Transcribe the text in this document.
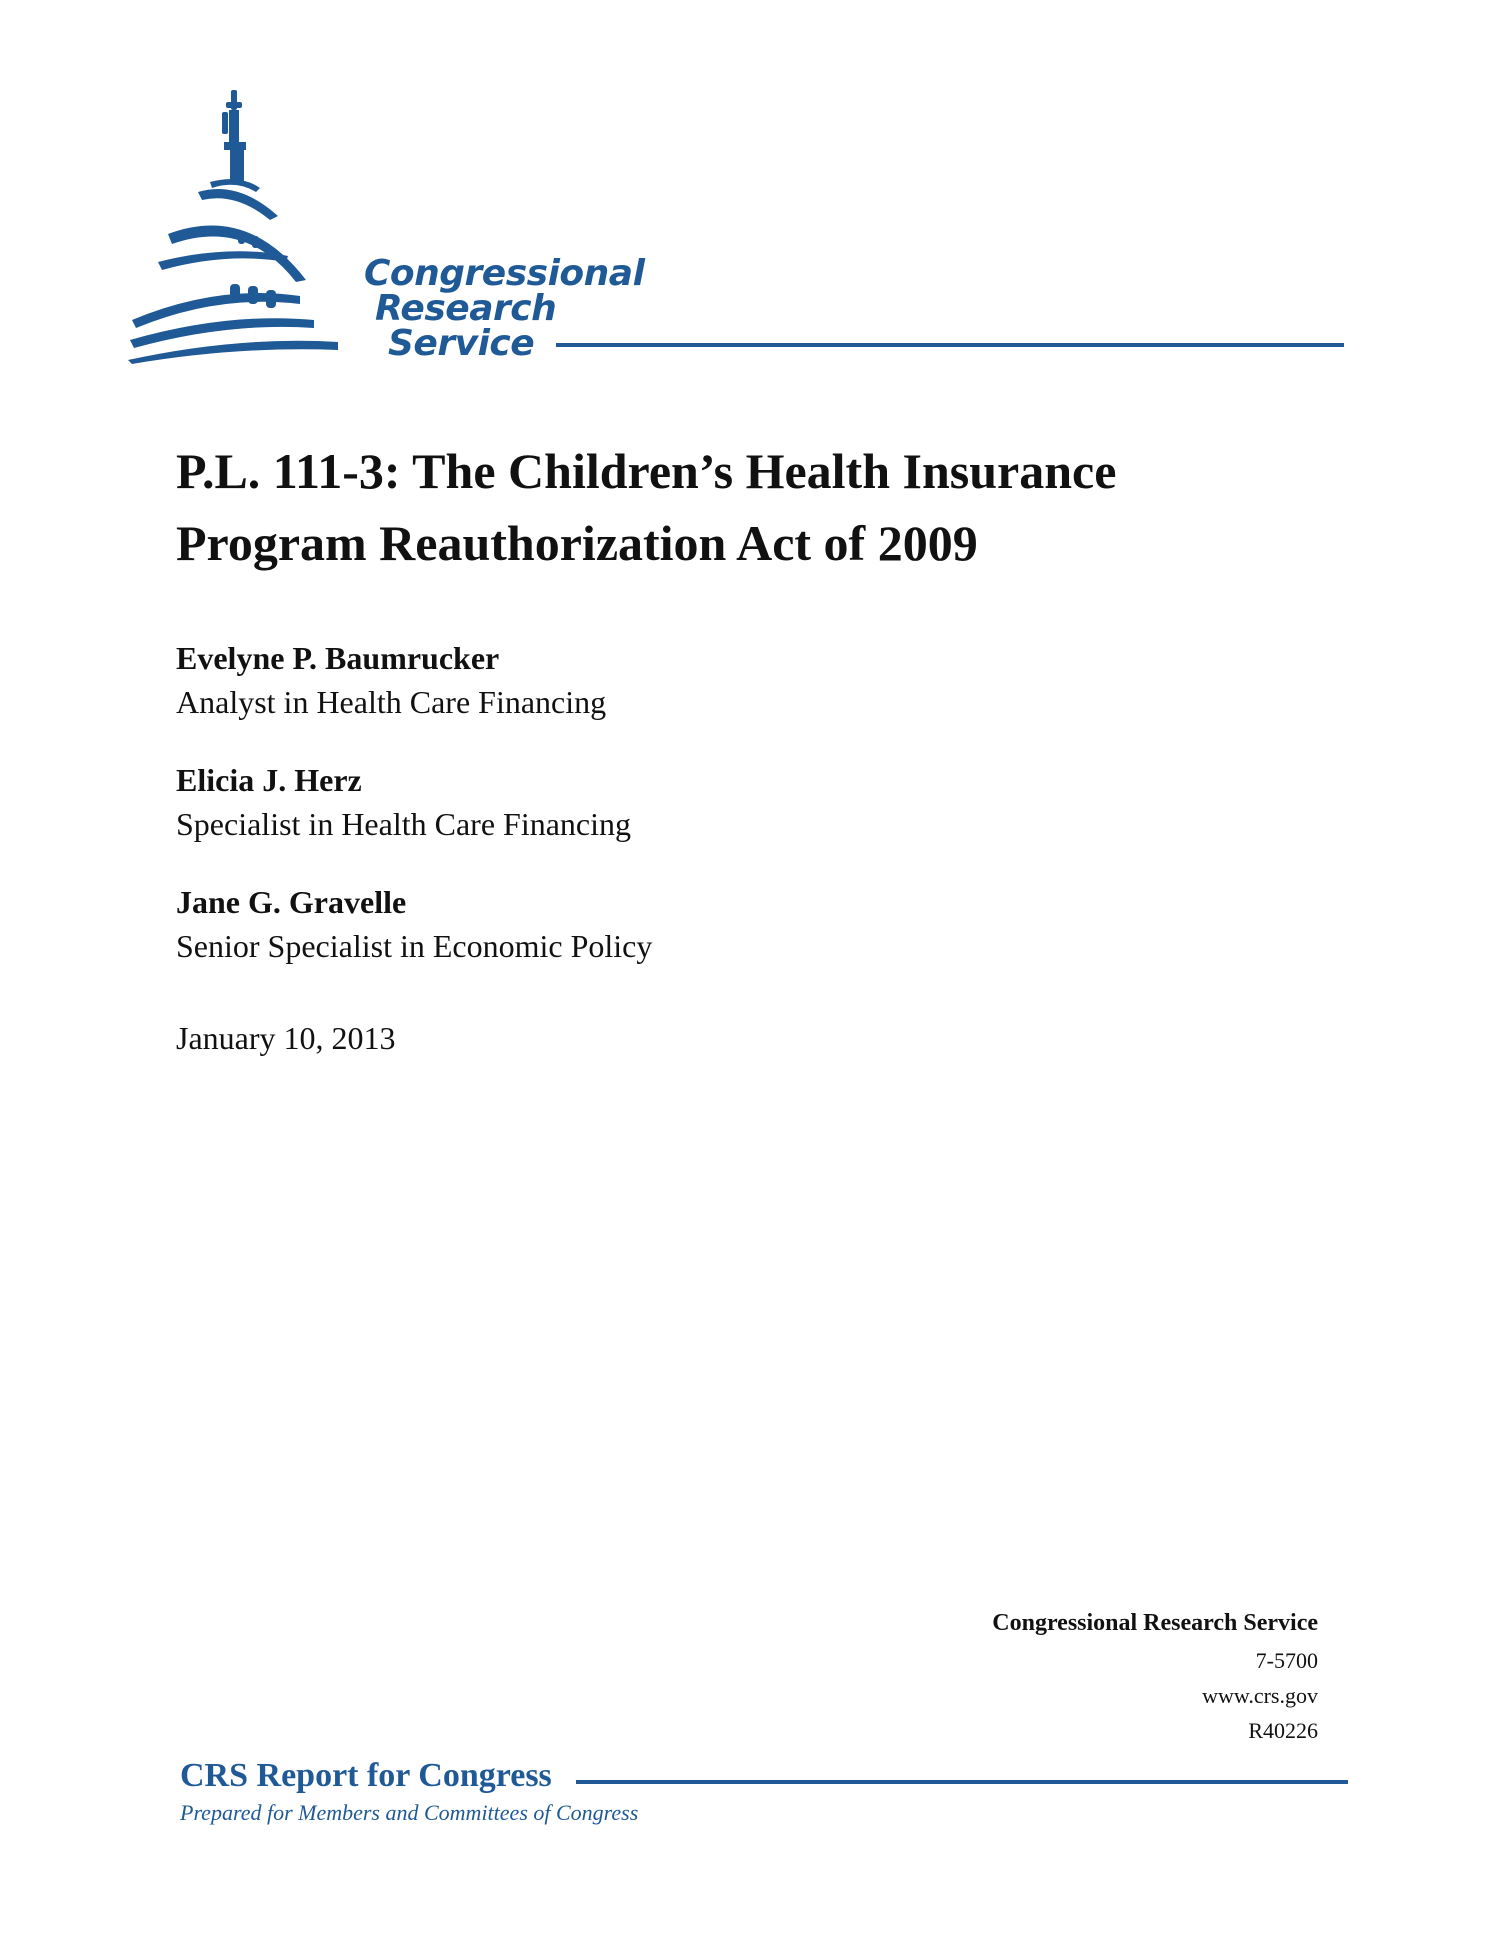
Congressional
Research
Service
P.L. 111-3: The Children’s Health Insurance
Program Reauthorization Act of 2009
Evelyne P. Baumrucker
Analyst in Health Care Financing
Elicia J. Herz
Specialist in Health Care Financing
Jane G. Gravelle
Senior Specialist in Economic Policy
January 10, 2013
Congressional Research Service
7-5700
www.crs.gov
R40226
CRS Report for Congress
Prepared for Members and Committees of Congress
